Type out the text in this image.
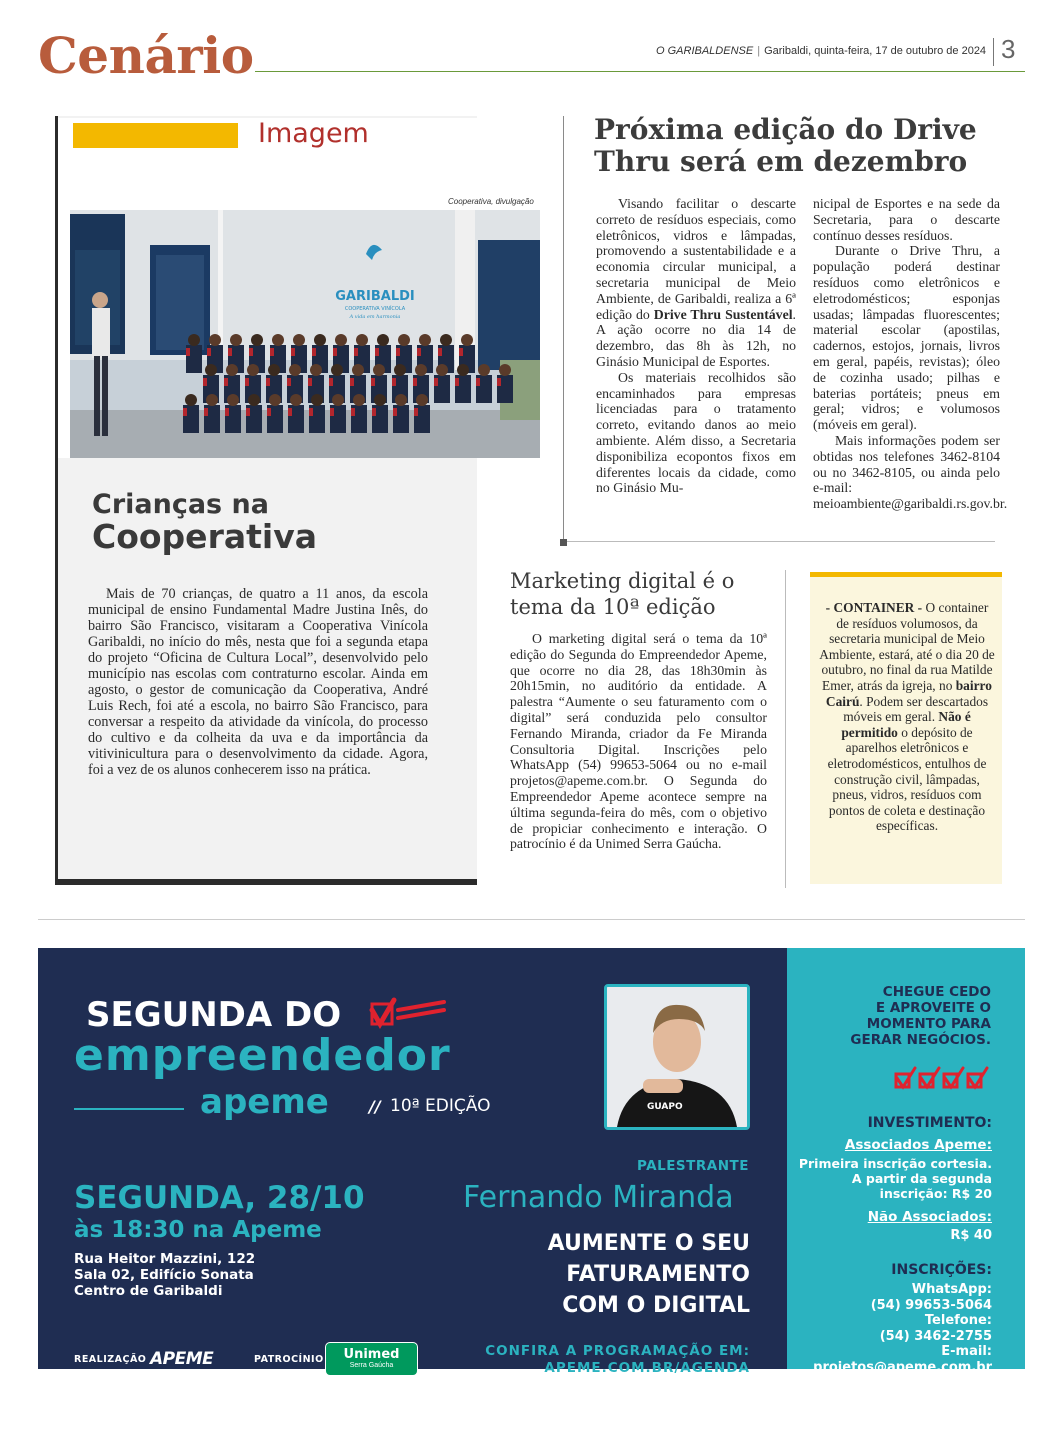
Cenário	O GARIBALDENSE | Garibaldi, quinta-feira, 17 de outubro de 2024 3
Imagem
Cooperativa, divulgação
GARIBALDI
COOPERATIVA VINÍCOLA
A vida em harmonia
Crianças na
Cooperativa
Mais de 70 crianças, de quatro a 11 anos, da escola municipal de ensino Fundamental Madre Justina Inês, do bairro São Francisco, visitaram a Cooperativa Vinícola Garibaldi, no início do mês, nesta que foi a segunda etapa do projeto “Oficina de Cultura Local”, desenvolvido pelo município nas escolas com contraturno escolar. Ainda em agosto, o gestor de comunicação da Cooperativa, André Luis Rech, foi até a escola, no bairro São Francisco, para conversar a respeito da atividade da vinícola, do processo do cultivo e da colheita da uva e da importância da vitivinicultura para o desenvolvimento da cidade. Agora, foi a vez de os alunos conhecerem isso na prática.
Próxima edição do Drive Thru será em dezembro

Visando facilitar o descarte correto de resíduos especiais, como eletrônicos, vidros e lâmpadas, promovendo a sustentabilidade e a economia circular municipal, a secretaria municipal de Meio Ambiente, de Garibaldi, realiza a 6ª edição do Drive Thru Sustentável. A ação ocorre no dia 14 de dezembro, das 8h às 12h, no Ginásio Municipal de Esportes.

Os materiais recolhidos são encaminhados para empresas licenciadas para o tratamento correto, evitando danos ao meio ambiente. Além disso, a Secretaria disponibiliza ecopontos fixos em diferentes locais da cidade, como no Ginásio Mu-

nicipal de Esportes e na sede da Secretaria, para o descarte contínuo desses resíduos.

Durante o Drive Thru, a população poderá destinar resíduos como eletrônicos e eletrodomésticos; esponjas usadas; lâmpadas fluorescentes; material escolar (apostilas, cadernos, estojos, jornais, livros em geral, papéis, revistas); óleo de cozinha usado; pilhas e baterias portáteis; pneus em geral; vidros; e volumosos (móveis em geral).

Mais informações podem ser obtidas nos telefones 3462-8104 ou no 3462-8105, ou ainda pelo e-mail: meioambiente@garibaldi.rs.gov.br.

Marketing digital é o tema da 10ª edição

O marketing digital será o tema da 10ª edição do Segunda do Empreendedor Apeme, que ocorre no dia 28, das 18h30min às 20h15min, no auditório da entidade. A palestra “Aumente o seu faturamento com o digital” será conduzida pelo consultor Fernando Miranda, criador da Fe Miranda Consultoria Digital. Inscrições pelo WhatsApp (54) 99653-5064 ou no e-mail projetos@apeme.com.br. O Segunda do Empreendedor Apeme acontece sempre na última segunda-feira do mês, com o objetivo de propiciar conhecimento e interação. O patrocínio é da Unimed Serra Gaúcha.

- CONTAINER - O container de resíduos volumosos, da secretaria municipal de Meio Ambiente, estará, até o dia 20 de outubro, no final da rua Matilde Emer, atrás da igreja, no bairro Cairú. Podem ser descartados móveis em geral. Não é permitido o depósito de aparelhos eletrônicos e eletrodomésticos, entulhos de construção civil, lâmpadas, pneus, vidros, resíduos com pontos de coleta e destinação específicas.
SEGUNDA DO
empreendedor
apeme	// 10ª EDIÇÃO
SEGUNDA, 28/10
às 18:30 na Apeme
Rua Heitor Mazzini, 122
Sala 02, Edifício Sonata
Centro de Garibaldi
REALIZAÇÃO APEME	PATROCÍNIO	Unimed
Serra Gaúcha
GUAPO
PALESTRANTE
Fernando Miranda
AUMENTE O SEU
FATURAMENTO
COM O DIGITAL
CONFIRA A PROGRAMAÇÃO EM:
APEME.COM.BR/AGENDA
CHEGUE CEDO
E APROVEITE O
MOMENTO PARA
GERAR NEGÓCIOS.
INVESTIMENTO:
Associados Apeme:
Primeira inscrição cortesia.
A partir da segunda
inscrição: R$ 20
Não Associados:
R$ 40
INSCRIÇÕES:
WhatsApp:
(54) 99653-5064
Telefone:
(54) 3462-2755
E-mail:
projetos@apeme.com.br
